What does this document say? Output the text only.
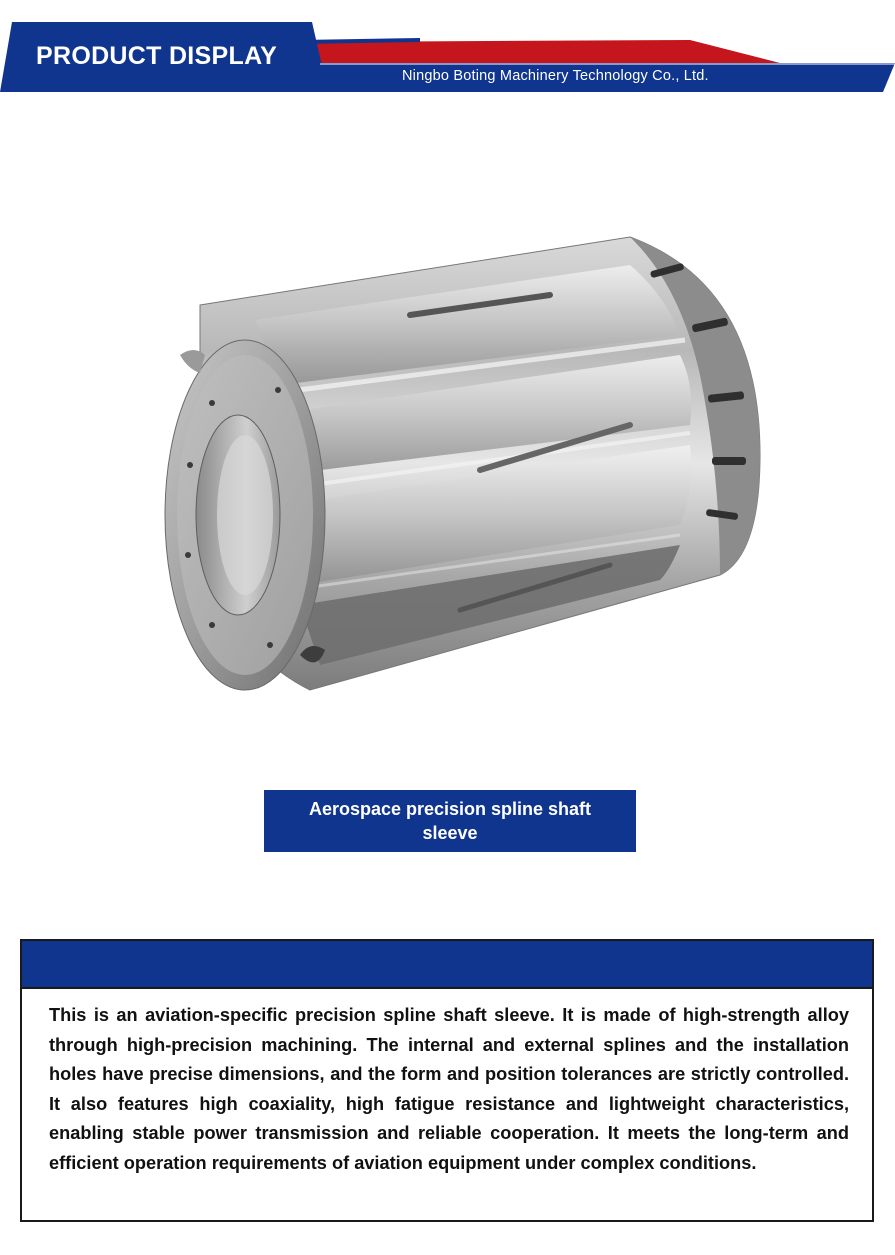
PRODUCT DISPLAY
Ningbo Boting Machinery Technology Co., Ltd.
Aerospace precision spline shaft sleeve
This is an aviation-specific precision spline shaft sleeve. It is made of high-strength alloy through high-precision machining. The internal and external splines and the installation holes have precise dimensions, and the form and position tolerances are strictly controlled. It also features high coaxiality, high fatigue resistance and lightweight characteristics, enabling stable power transmission and reliable cooperation. It meets the long-term and efficient operation requirements of aviation equipment under complex conditions.
